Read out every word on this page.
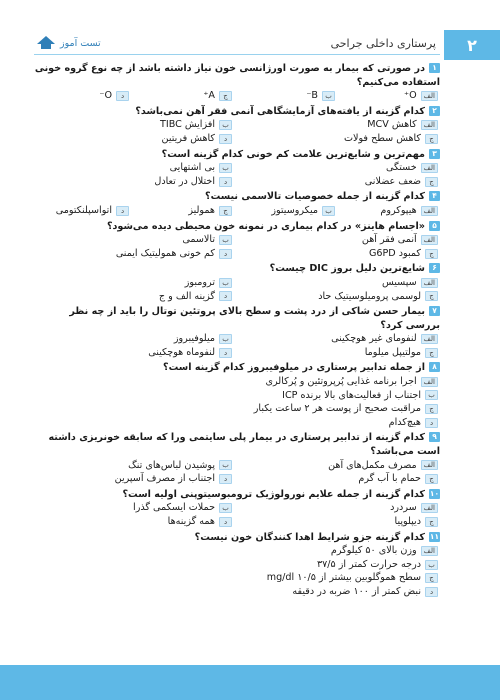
۲
پرستاری داخلی جراحی
تست آموز
۱در صورتی که بیمار به صورت اورژانسی خون نیاز داشته باشد از چه نوع گروه خونی استفاده می‌کنیم؟
الف
O⁺
ب
B⁻
ج
A⁺
د
O⁻
۲کدام گزینه از یافته‌های آزمایشگاهی آنمی فقر آهن نمی‌باشد؟
الف
کاهش MCV
ب
افزایش TIBC
ج
کاهش سطح فولات
د
کاهش فریتین
۳مهم‌ترین و شایع‌ترین علامت کم خونی کدام گزینه است؟
الف
خستگی
ب
بی اشتهایی
ج
ضعف عضلانی
د
اختلال در تعادل
۴کدام گزینه از جمله خصوصیات تالاسمی نیست؟
الف
هیپوکروم
ب
میکروسیتوز
ج
همولیز
د
اتواسپلنکتومی
۵«اجسام هاینز» در کدام بیماری در نمونه خون محیطی دیده می‌شود؟
الف
آنمی فقر آهن
ب
تالاسمی
ج
کمبود G6PD
د
کم خونی همولیتیک ایمنی
۶شایع‌ترین دلیل بروز DIC چیست؟
الف
سپسیس
ب
ترومبوز
ج
لوسمی پرومیلوسیتیک حاد
د
گزینه الف و ج
۷بیمار حسن شاکی از درد پشت و سطح بالای پروتئین توتال را باید از چه نظر بررسی کرد؟
الف
لنفومای غیر هوچکینی
ب
میلوفیبروز
ج
مولتیپل میلوما
د
لنفوماه هوچکینی
۸از جمله تدابیر پرستاری در میلوفیبروز کدام گزینه است؟
الف
اجرا برنامه غذایی پُرپروتئین و پُرکالری
ب
اجتناب از فعالیت‌های بالا برنده ICP
ج
مراقبت صحیح از پوست هر ۲ ساعت یکبار
د
هیچ‌کدام
۹کدام گزینه از تدابیر پرستاری در بیمار پلی سایتمی ورا که سابقه خونریزی داشته است می‌باشد؟
الف
مصرف مکمل‌های آهن
ب
پوشیدن لباس‌های تنگ
ج
حمام با آب گرم
د
اجتناب از مصرف آسپرین
۱۰کدام گزینه از جمله علایم نورولوژیک ترومبوسیتوپنی اولیه است؟
الف
سردرد
ب
حملات ایسکمی گذرا
ج
دیپلوپیا
د
همه گزینه‌ها
۱۱کدام گزینه جزو شرایط اهدا کنندگان خون نیست؟
الف
وزن بالای ۵۰ کیلوگرم
ب
درجه حرارت کمتر از ۳۷/۵
ج
سطح هموگلوبین بیشتر از ۱۰/۵ mg/dl
د
نبض کمتر از ۱۰۰ ضربه در دقیقه
